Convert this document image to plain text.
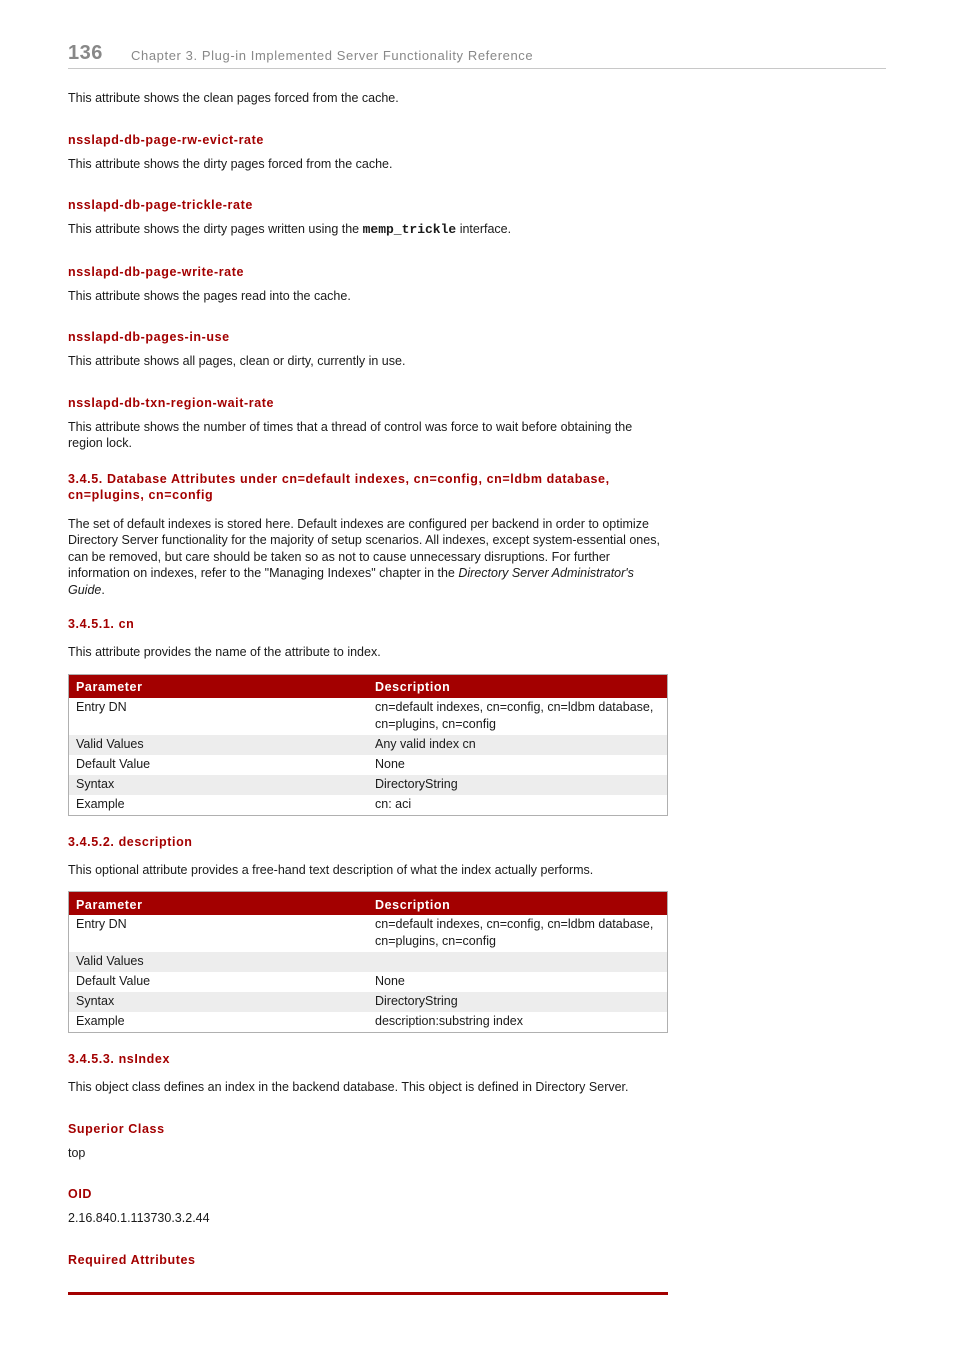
136 Chapter 3. Plug-in Implemented Server Functionality Reference

This attribute shows the clean pages forced from the cache.

nsslapd-db-page-rw-evict-rate

This attribute shows the dirty pages forced from the cache.

nsslapd-db-page-trickle-rate

This attribute shows the dirty pages written using the memp_trickle interface.

nsslapd-db-page-write-rate

This attribute shows the pages read into the cache.

nsslapd-db-pages-in-use

This attribute shows all pages, clean or dirty, currently in use.

nsslapd-db-txn-region-wait-rate

This attribute shows the number of times that a thread of control was force to wait before obtaining the region lock.

3.4.5. Database Attributes under cn=default indexes, cn=config, cn=ldbm database, cn=plugins, cn=config

The set of default indexes is stored here. Default indexes are configured per backend in order to optimize Directory Server functionality for the majority of setup scenarios. All indexes, except system-essential ones, can be removed, but care should be taken so as not to cause unnecessary disruptions. For further information on indexes, refer to the "Managing Indexes" chapter in the Directory Server Administrator's Guide.

3.4.5.1. cn

This attribute provides the name of the attribute to index.

Parameter	Description
Entry DN	cn=default indexes, cn=config, cn=ldbm database, cn=plugins, cn=config
Valid Values	Any valid index cn
Default Value	None
Syntax	DirectoryString
Example	cn: aci
3.4.5.2. description

This optional attribute provides a free-hand text description of what the index actually performs.

Parameter	Description
Entry DN	cn=default indexes, cn=config, cn=ldbm database, cn=plugins, cn=config
Valid Values	
Default Value	None
Syntax	DirectoryString
Example	description:substring index
3.4.5.3. nsIndex

This object class defines an index in the backend database. This object is defined in Directory Server.

Superior Class

top

OID

2.16.840.1.113730.3.2.44

Required Attributes
